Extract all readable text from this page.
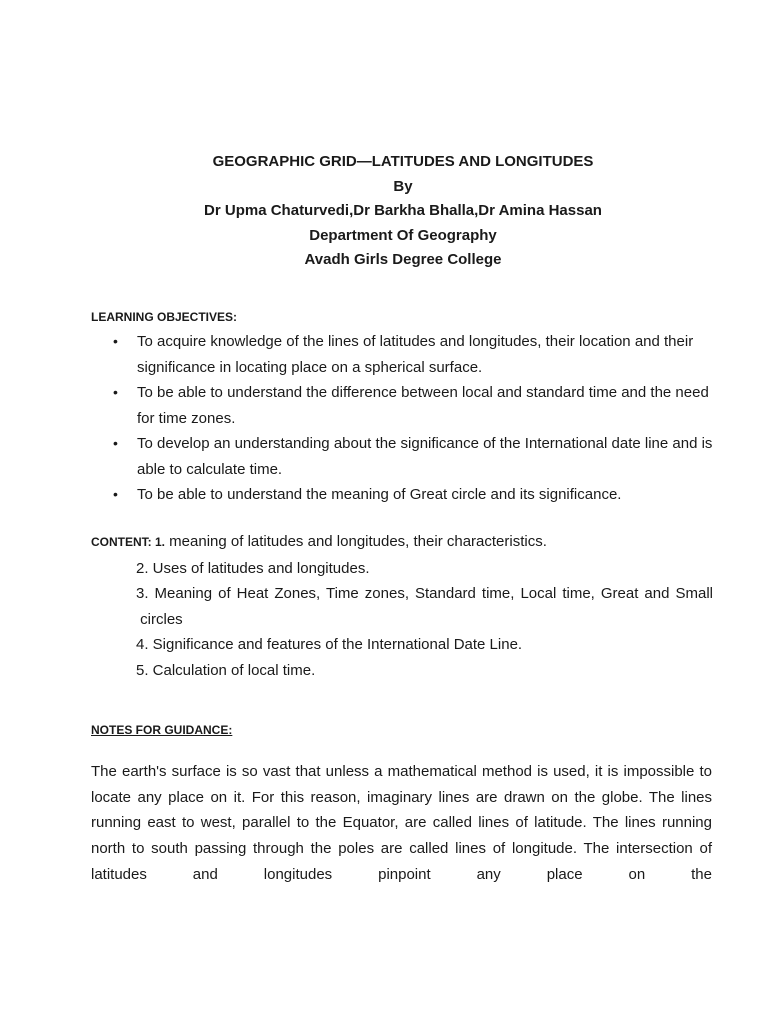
GEOGRAPHIC GRID—LATITUDES AND LONGITUDES
By
Dr Upma Chaturvedi,Dr Barkha Bhalla,Dr Amina Hassan
Department Of Geography
Avadh Girls Degree College
LEARNING OBJECTIVES:
• To acquire knowledge of the lines of latitudes and longitudes, their location and their significance in locating place on a spherical surface.
• To be able to understand the difference between local and standard time and the need for time zones.
• To develop an understanding about the significance of the International date line and is able to calculate time.
• To be able to understand the meaning of Great circle and its significance.
CONTENT: 1. meaning of latitudes and longitudes, their characteristics.
2. Uses of latitudes and longitudes.
3. Meaning of Heat Zones, Time zones, Standard time, Local time, Great and Small  circles
4. Significance and features of the International Date Line.
5. Calculation of local time.
NOTES FOR GUIDANCE:
The earth's surface is so vast that unless a mathematical method is used, it is impossible to locate any place on it. For this reason, imaginary lines are drawn on the globe. The lines running east to west, parallel to the Equator, are called lines of latitude. The lines running north to south passing through the poles are called lines of longitude. The intersection of latitudes and longitudes pinpoint any place on the
